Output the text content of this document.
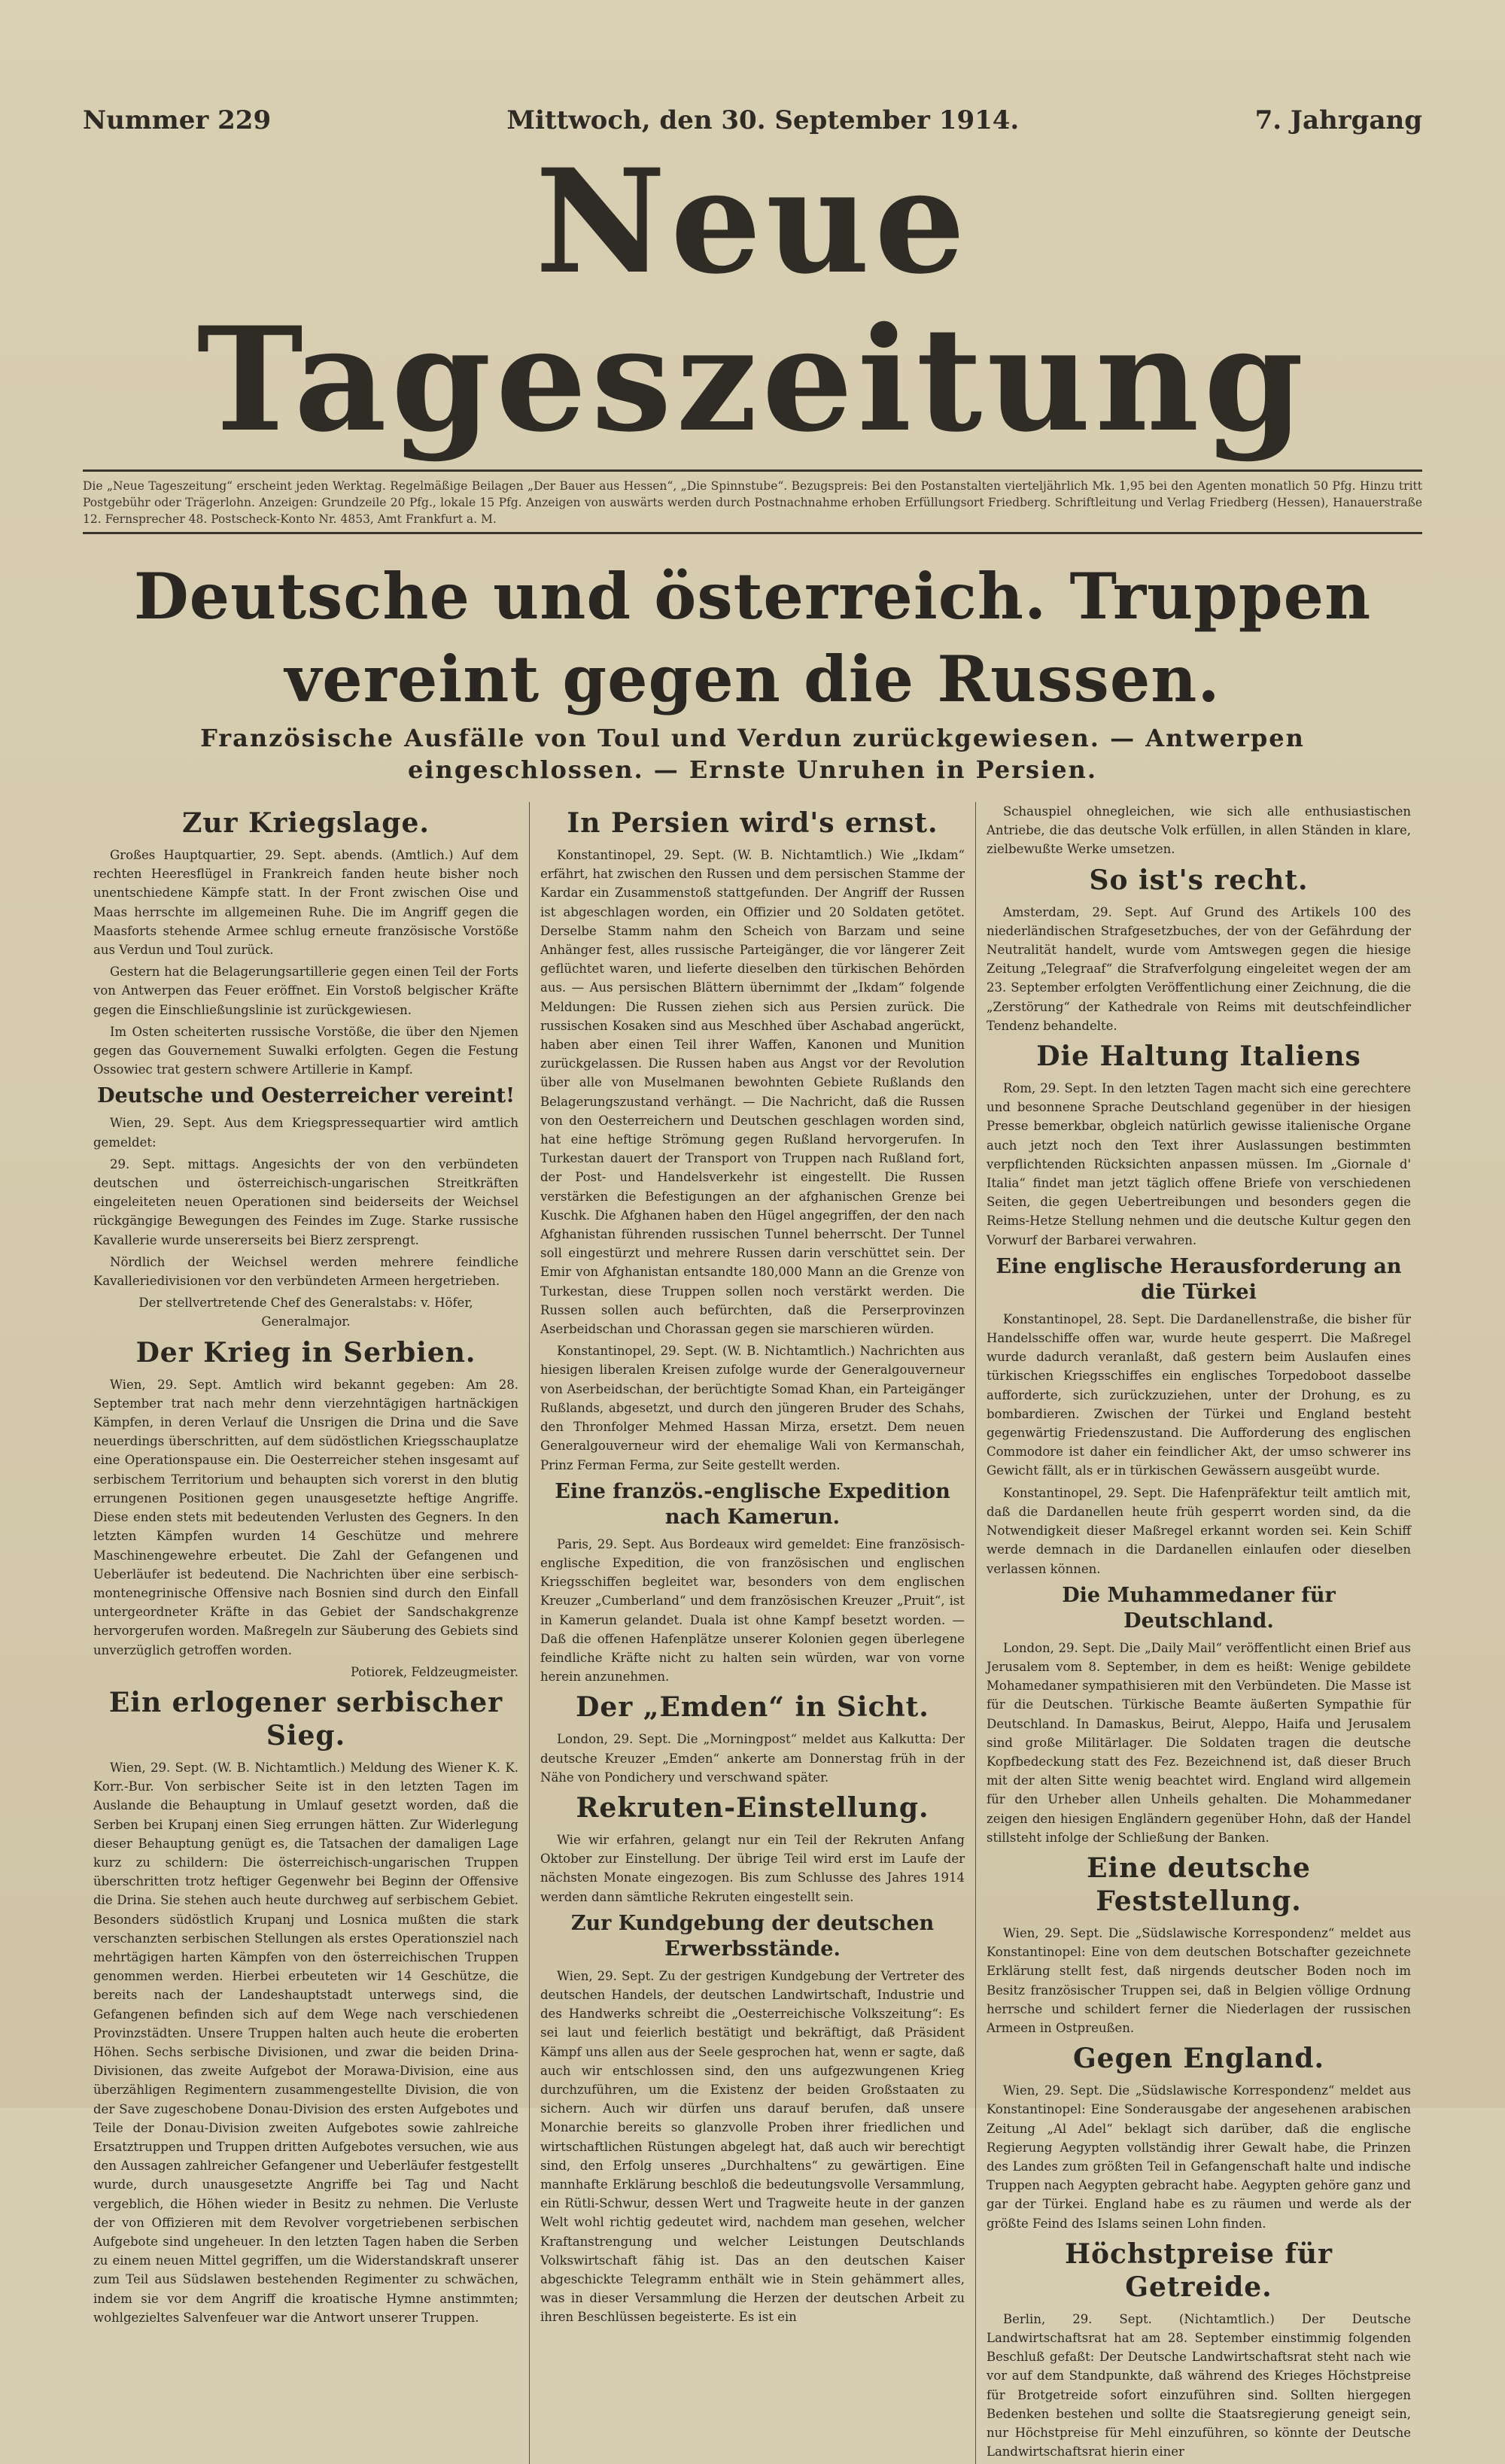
Nummer 229	Mittwoch, den 30. September 1914.	7. Jahrgang
Neue Tageszeitung
Die „Neue Tageszeitung“ erscheint jeden Werktag. Regelmäßige Beilagen „Der Bauer aus Hessen“, „Die Spinnstube“. Bezugspreis: Bei den Postanstalten vierteljährlich Mk. 1,95 bei den Agenten monatlich 50 Pfg. Hinzu tritt Postgebühr oder Trägerlohn. Anzeigen: Grundzeile 20 Pfg., lokale 15 Pfg. Anzeigen von auswärts werden durch Postnachnahme erhoben Erfüllungsort Friedberg. Schriftleitung und Verlag Friedberg (Hessen), Hanauerstraße 12. Fernsprecher 48. Postscheck-Konto Nr. 4853, Amt Frankfurt a. M.
Deutsche und österreich. Truppen vereint gegen die Russen.
Französische Ausfälle von Toul und Verdun zurückgewiesen. — Antwerpen eingeschlossen. — Ernste Unruhen in Persien.
Zur Kriegslage.

Großes Hauptquartier, 29. Sept. abends. (Amtlich.) Auf dem rechten Heeresflügel in Frankreich fanden heute bisher noch unentschiedene Kämpfe statt. In der Front zwischen Oise und Maas herrschte im allgemeinen Ruhe. Die im Angriff gegen die Maasforts stehende Armee schlug erneute französische Vorstöße aus Verdun und Toul zurück.

Gestern hat die Belagerungsartillerie gegen einen Teil der Forts von Antwerpen das Feuer eröffnet. Ein Vorstoß belgischer Kräfte gegen die Einschließungslinie ist zurückgewiesen.

Im Osten scheiterten russische Vorstöße, die über den Njemen gegen das Gouvernement Suwalki erfolgten. Gegen die Festung Ossowiec trat gestern schwere Artillerie in Kampf.

Deutsche und Oesterreicher vereint!

Wien, 29. Sept. Aus dem Kriegspressequartier wird amtlich gemeldet:

29. Sept. mittags. Angesichts der von den verbündeten deutschen und österreichisch-ungarischen Streitkräften eingeleiteten neuen Operationen sind beiderseits der Weichsel rückgängige Bewegungen des Feindes im Zuge. Starke russische Kavallerie wurde unsererseits bei Bierz zersprengt.

Nördlich der Weichsel werden mehrere feindliche Kavalleriedivisionen vor den verbündeten Armeen hergetrieben.

Der stellvertretende Chef des Generalstabs: v. Höfer, Generalmajor.

Der Krieg in Serbien.

Wien, 29. Sept. Amtlich wird bekannt gegeben: Am 28. September trat nach mehr denn vierzehntägigen hartnäckigen Kämpfen, in deren Verlauf die Unsrigen die Drina und die Save neuerdings überschritten, auf dem südöstlichen Kriegsschauplatze eine Operationspause ein. Die Oesterreicher stehen insgesamt auf serbischem Territorium und behaupten sich vorerst in den blutig errungenen Positionen gegen unausgesetzte heftige Angriffe. Diese enden stets mit bedeutenden Verlusten des Gegners. In den letzten Kämpfen wurden 14 Geschütze und mehrere Maschinengewehre erbeutet. Die Zahl der Gefangenen und Ueberläufer ist bedeutend. Die Nachrichten über eine serbisch-montenegrinische Offensive nach Bosnien sind durch den Einfall untergeordneter Kräfte in das Gebiet der Sandschakgrenze hervorgerufen worden. Maßregeln zur Säuberung des Gebiets sind unverzüglich getroffen worden.

Potiorek, Feldzeugmeister.

Ein erlogener serbischer Sieg.

Wien, 29. Sept. (W. B. Nichtamtlich.) Meldung des Wiener K. K. Korr.-Bur. Von serbischer Seite ist in den letzten Tagen im Auslande die Behauptung in Umlauf gesetzt worden, daß die Serben bei Krupanj einen Sieg errungen hätten. Zur Widerlegung dieser Behauptung genügt es, die Tatsachen der damaligen Lage kurz zu schildern: Die österreichisch-ungarischen Truppen überschritten trotz heftiger Gegenwehr bei Beginn der Offensive die Drina. Sie stehen auch heute durchweg auf serbischem Gebiet. Besonders südöstlich Krupanj und Losnica mußten die stark verschanzten serbischen Stellungen als erstes Operationsziel nach mehrtägigen harten Kämpfen von den österreichischen Truppen genommen werden. Hierbei erbeuteten wir 14 Geschütze, die bereits nach der Landeshauptstadt unterwegs sind, die Gefangenen befinden sich auf dem Wege nach verschiedenen Provinzstädten. Unsere Truppen halten auch heute die eroberten Höhen. Sechs serbische Divisionen, und zwar die beiden Drina-Divisionen, das zweite Aufgebot der Morawa-Division, eine aus überzähligen Regimentern zusammengestellte Division, die von der Save zugeschobene Donau-Division des ersten Aufgebotes und Teile der Donau-Division zweiten Aufgebotes sowie zahlreiche Ersatztruppen und Truppen dritten Aufgebotes versuchen, wie aus den Aussagen zahlreicher Gefangener und Ueberläufer festgestellt wurde, durch unausgesetzte Angriffe bei Tag und Nacht vergeblich, die Höhen wieder in Besitz zu nehmen. Die Verluste der von Offizieren mit dem Revolver vorgetriebenen serbischen Aufgebote sind ungeheuer. In den letzten Tagen haben die Serben zu einem neuen Mittel gegriffen, um die Widerstandskraft unserer zum Teil aus Südslawen bestehenden Regimenter zu schwächen, indem sie vor dem Angriff die kroatische Hymne anstimmten; wohlgezieltes Salvenfeuer war die Antwort unserer Truppen.

In Persien wird's ernst.

Konstantinopel, 29. Sept. (W. B. Nichtamtlich.) Wie „Ikdam“ erfährt, hat zwischen den Russen und dem persischen Stamme der Kardar ein Zusammenstoß stattgefunden. Der Angriff der Russen ist abgeschlagen worden, ein Offizier und 20 Soldaten getötet. Derselbe Stamm nahm den Scheich von Barzam und seine Anhänger fest, alles russische Parteigänger, die vor längerer Zeit geflüchtet waren, und lieferte dieselben den türkischen Behörden aus. — Aus persischen Blättern übernimmt der „Ikdam“ folgende Meldungen: Die Russen ziehen sich aus Persien zurück. Die russischen Kosaken sind aus Meschhed über Aschabad angerückt, haben aber einen Teil ihrer Waffen, Kanonen und Munition zurückgelassen. Die Russen haben aus Angst vor der Revolution über alle von Muselmanen bewohnten Gebiete Rußlands den Belagerungszustand verhängt. — Die Nachricht, daß die Russen von den Oesterreichern und Deutschen geschlagen worden sind, hat eine heftige Strömung gegen Rußland hervorgerufen. In Turkestan dauert der Transport von Truppen nach Rußland fort, der Post- und Handelsverkehr ist eingestellt. Die Russen verstärken die Befestigungen an der afghanischen Grenze bei Kuschk. Die Afghanen haben den Hügel angegriffen, der den nach Afghanistan führenden russischen Tunnel beherrscht. Der Tunnel soll eingestürzt und mehrere Russen darin verschüttet sein. Der Emir von Afghanistan entsandte 180,000 Mann an die Grenze von Turkestan, diese Truppen sollen noch verstärkt werden. Die Russen sollen auch befürchten, daß die Perserprovinzen Aserbeidschan und Chorassan gegen sie marschieren würden.

Konstantinopel, 29. Sept. (W. B. Nichtamtlich.) Nachrichten aus hiesigen liberalen Kreisen zufolge wurde der Generalgouverneur von Aserbeidschan, der berüchtigte Somad Khan, ein Parteigänger Rußlands, abgesetzt, und durch den jüngeren Bruder des Schahs, den Thronfolger Mehmed Hassan Mirza, ersetzt. Dem neuen Generalgouverneur wird der ehemalige Wali von Kermanschah, Prinz Ferman Ferma, zur Seite gestellt werden.

Eine französ.-englische Expedition nach Kamerun.

Paris, 29. Sept. Aus Bordeaux wird gemeldet: Eine französisch-englische Expedition, die von französischen und englischen Kriegsschiffen begleitet war, besonders von dem englischen Kreuzer „Cumberland“ und dem französischen Kreuzer „Pruit“, ist in Kamerun gelandet. Duala ist ohne Kampf besetzt worden. — Daß die offenen Hafenplätze unserer Kolonien gegen überlegene feindliche Kräfte nicht zu halten sein würden, war von vorne herein anzunehmen.

Der „Emden“ in Sicht.

London, 29. Sept. Die „Morningpost“ meldet aus Kalkutta: Der deutsche Kreuzer „Emden“ ankerte am Donnerstag früh in der Nähe von Pondichery und verschwand später.

Rekruten-Einstellung.

Wie wir erfahren, gelangt nur ein Teil der Rekruten Anfang Oktober zur Einstellung. Der übrige Teil wird erst im Laufe der nächsten Monate eingezogen. Bis zum Schlusse des Jahres 1914 werden dann sämtliche Rekruten eingestellt sein.

Zur Kundgebung der deutschen Erwerbsstände.

Wien, 29. Sept. Zu der gestrigen Kundgebung der Vertreter des deutschen Handels, der deutschen Landwirtschaft, Industrie und des Handwerks schreibt die „Oesterreichische Volkszeitung“: Es sei laut und feierlich bestätigt und bekräftigt, daß Präsident Kämpf uns allen aus der Seele gesprochen hat, wenn er sagte, daß auch wir entschlossen sind, den uns aufgezwungenen Krieg durchzuführen, um die Existenz der beiden Großstaaten zu sichern. Auch wir dürfen uns darauf berufen, daß unsere Monarchie bereits so glanzvolle Proben ihrer friedlichen und wirtschaftlichen Rüstungen abgelegt hat, daß auch wir berechtigt sind, den Erfolg unseres „Durchhaltens“ zu gewärtigen. Eine mannhafte Erklärung beschloß die bedeutungsvolle Versammlung, ein Rütli-Schwur, dessen Wert und Tragweite heute in der ganzen Welt wohl richtig gedeutet wird, nachdem man gesehen, welcher Kraftanstrengung und welcher Leistungen Deutschlands Volkswirtschaft fähig ist. Das an den deutschen Kaiser abgeschickte Telegramm enthält wie in Stein gehämmert alles, was in dieser Versammlung die Herzen der deutschen Arbeit zu ihren Beschlüssen begeisterte. Es ist ein

Schauspiel ohnegleichen, wie sich alle enthusiastischen Antriebe, die das deutsche Volk erfüllen, in allen Ständen in klare, zielbewußte Werke umsetzen.

So ist's recht.

Amsterdam, 29. Sept. Auf Grund des Artikels 100 des niederländischen Strafgesetzbuches, der von der Gefährdung der Neutralität handelt, wurde vom Amtswegen gegen die hiesige Zeitung „Telegraaf“ die Strafverfolgung eingeleitet wegen der am 23. September erfolgten Veröffentlichung einer Zeichnung, die die „Zerstörung“ der Kathedrale von Reims mit deutschfeindlicher Tendenz behandelte.

Die Haltung Italiens

Rom, 29. Sept. In den letzten Tagen macht sich eine gerechtere und besonnene Sprache Deutschland gegenüber in der hiesigen Presse bemerkbar, obgleich natürlich gewisse italienische Organe auch jetzt noch den Text ihrer Auslassungen bestimmten verpflichtenden Rücksichten anpassen müssen. Im „Giornale d' Italia“ findet man jetzt täglich offene Briefe von verschiedenen Seiten, die gegen Uebertreibungen und besonders gegen die Reims-Hetze Stellung nehmen und die deutsche Kultur gegen den Vorwurf der Barbarei verwahren.

Eine englische Herausforderung an die Türkei

Konstantinopel, 28. Sept. Die Dardanellenstraße, die bisher für Handelsschiffe offen war, wurde heute gesperrt. Die Maßregel wurde dadurch veranlaßt, daß gestern beim Auslaufen eines türkischen Kriegsschiffes ein englisches Torpedoboot dasselbe aufforderte, sich zurückzuziehen, unter der Drohung, es zu bombardieren. Zwischen der Türkei und England besteht gegenwärtig Friedenszustand. Die Aufforderung des englischen Commodore ist daher ein feindlicher Akt, der umso schwerer ins Gewicht fällt, als er in türkischen Gewässern ausgeübt wurde.

Konstantinopel, 29. Sept. Die Hafenpräfektur teilt amtlich mit, daß die Dardanellen heute früh gesperrt worden sind, da die Notwendigkeit dieser Maßregel erkannt worden sei. Kein Schiff werde demnach in die Dardanellen einlaufen oder dieselben verlassen können.

Die Muhammedaner für Deutschland.

London, 29. Sept. Die „Daily Mail“ veröffentlicht einen Brief aus Jerusalem vom 8. September, in dem es heißt: Wenige gebildete Mohamedaner sympathisieren mit den Verbündeten. Die Masse ist für die Deutschen. Türkische Beamte äußerten Sympathie für Deutschland. In Damaskus, Beirut, Aleppo, Haifa und Jerusalem sind große Militärlager. Die Soldaten tragen die deutsche Kopfbedeckung statt des Fez. Bezeichnend ist, daß dieser Bruch mit der alten Sitte wenig beachtet wird. England wird allgemein für den Urheber allen Unheils gehalten. Die Mohammedaner zeigen den hiesigen Engländern gegenüber Hohn, daß der Handel stillsteht infolge der Schließung der Banken.

Eine deutsche Feststellung.

Wien, 29. Sept. Die „Südslawische Korrespondenz“ meldet aus Konstantinopel: Eine von dem deutschen Botschafter gezeichnete Erklärung stellt fest, daß nirgends deutscher Boden noch im Besitz französischer Truppen sei, daß in Belgien völlige Ordnung herrsche und schildert ferner die Niederlagen der russischen Armeen in Ostpreußen.

Gegen England.

Wien, 29. Sept. Die „Südslawische Korrespondenz“ meldet aus Konstantinopel: Eine Sonderausgabe der angesehenen arabischen Zeitung „Al Adel“ beklagt sich darüber, daß die englische Regierung Aegypten vollständig ihrer Gewalt habe, die Prinzen des Landes zum größten Teil in Gefangenschaft halte und indische Truppen nach Aegypten gebracht habe. Aegypten gehöre ganz und gar der Türkei. England habe es zu räumen und werde als der größte Feind des Islams seinen Lohn finden.

Höchstpreise für Getreide.

Berlin, 29. Sept. (Nichtamtlich.) Der Deutsche Landwirtschaftsrat hat am 28. September einstimmig folgenden Beschluß gefaßt: Der Deutsche Landwirtschaftsrat steht nach wie vor auf dem Standpunkte, daß während des Krieges Höchstpreise für Brotgetreide sofort einzuführen sind. Sollten hiergegen Bedenken bestehen und sollte die Staatsregierung geneigt sein, nur Höchstpreise für Mehl einzuführen, so könnte der Deutsche Landwirtschaftsrat hierin einer
